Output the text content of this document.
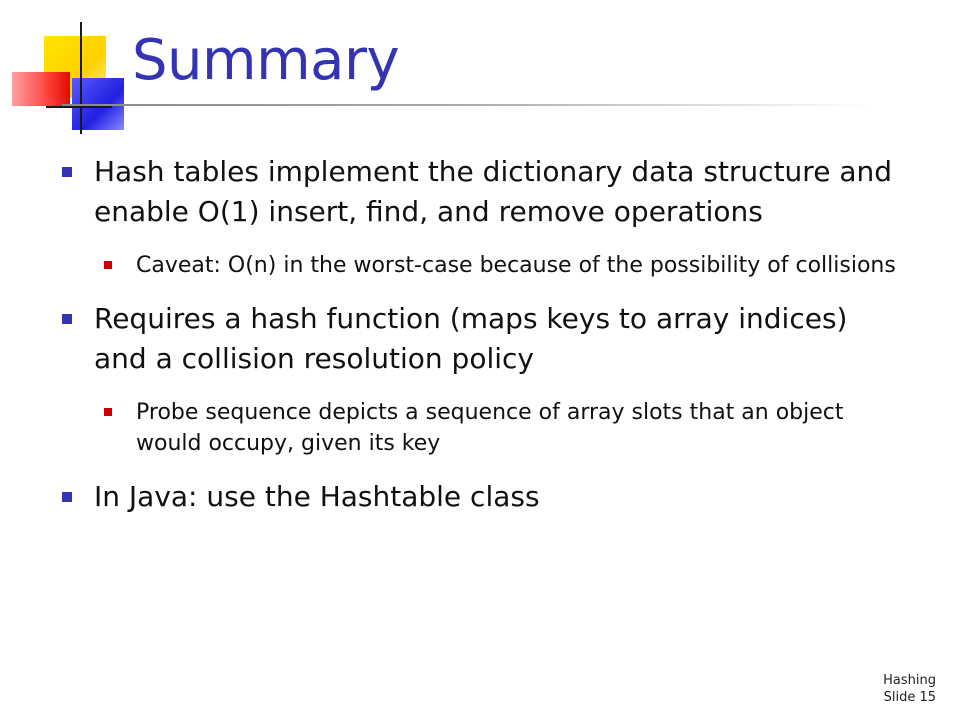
Summary
Hash tables implement the dictionary data structure and enable O(1) insert, find, and remove operations
Caveat: O(n) in the worst-case because of the possibility of collisions
Requires a hash function (maps keys to array indices) and a collision resolution policy
Probe sequence depicts a sequence of array slots that an object would occupy, given its key
In Java: use the Hashtable class
Hashing
Slide 15
